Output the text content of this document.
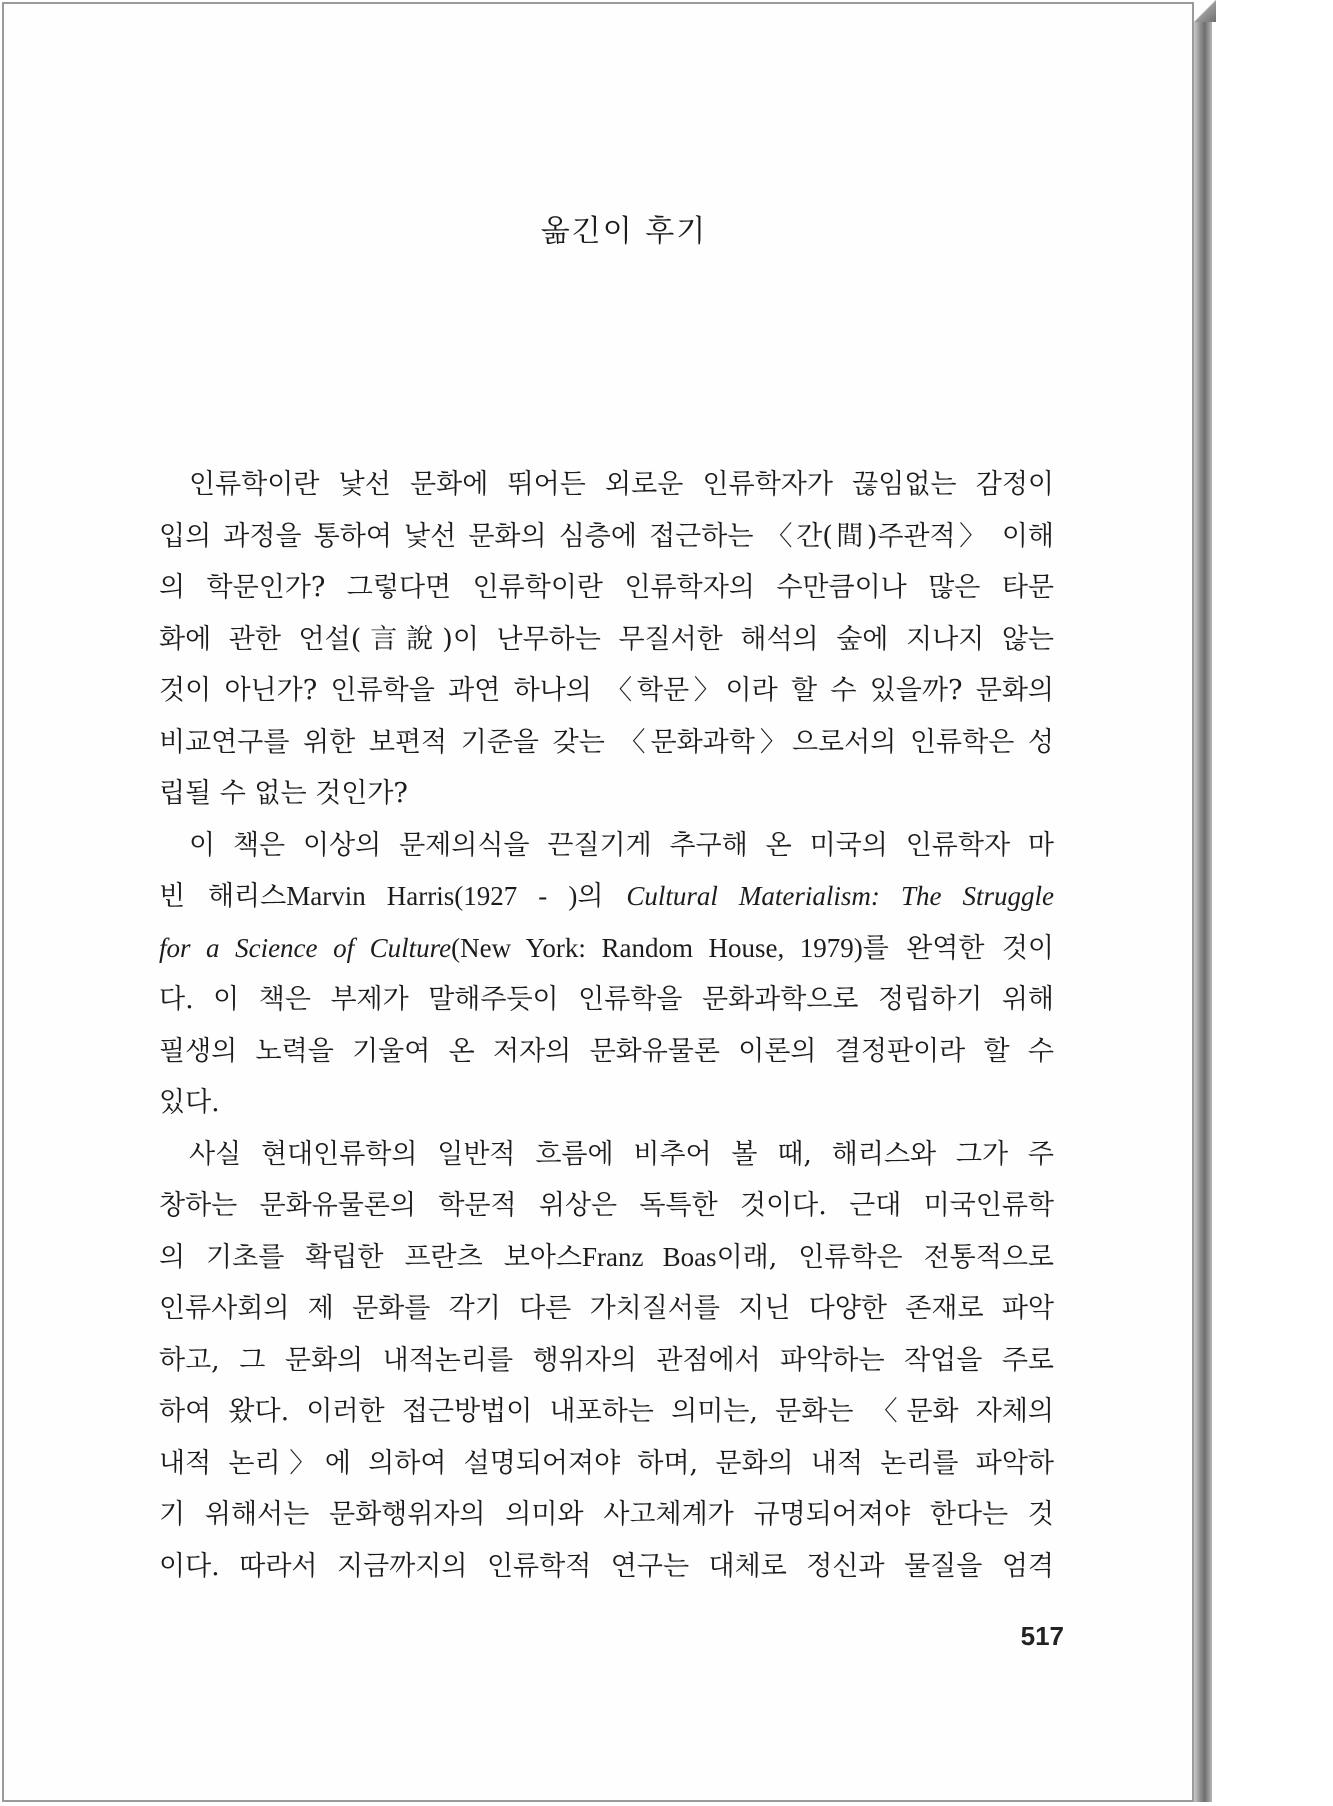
옮긴이 후기
인류학이란 낯선 문화에 뛰어든 외로운 인류학자가 끊임없는 감정이
입의 과정을 통하여 낯선 문화의 심층에 접근하는 〈간(間)주관적〉 이해
의 학문인가? 그렇다면 인류학이란 인류학자의 수만큼이나 많은 타문
화에 관한 언설(言說)이 난무하는 무질서한 해석의 숲에 지나지 않는
것이 아닌가? 인류학을 과연 하나의 〈학문〉이라 할 수 있을까? 문화의
비교연구를 위한 보편적 기준을 갖는 〈문화과학〉으로서의 인류학은 성
립될 수 없는 것인가?
이 책은 이상의 문제의식을 끈질기게 추구해 온 미국의 인류학자 마
빈 해리스Marvin Harris(1927 - )의 Cultural Materialism: The Struggle
for a Science of Culture(New York: Random House, 1979)를 완역한 것이
다. 이 책은 부제가 말해주듯이 인류학을 문화과학으로 정립하기 위해
필생의 노력을 기울여 온 저자의 문화유물론 이론의 결정판이라 할 수
있다.
사실 현대인류학의 일반적 흐름에 비추어 볼 때, 해리스와 그가 주
창하는 문화유물론의 학문적 위상은 독특한 것이다. 근대 미국인류학
의 기초를 확립한 프란츠 보아스Franz Boas이래, 인류학은 전통적으로
인류사회의 제 문화를 각기 다른 가치질서를 지닌 다양한 존재로 파악
하고, 그 문화의 내적논리를 행위자의 관점에서 파악하는 작업을 주로
하여 왔다. 이러한 접근방법이 내포하는 의미는, 문화는 〈문화 자체의
내적 논리〉에 의하여 설명되어져야 하며, 문화의 내적 논리를 파악하
기 위해서는 문화행위자의 의미와 사고체계가 규명되어져야 한다는 것
이다. 따라서 지금까지의 인류학적 연구는 대체로 정신과 물질을 엄격
517
